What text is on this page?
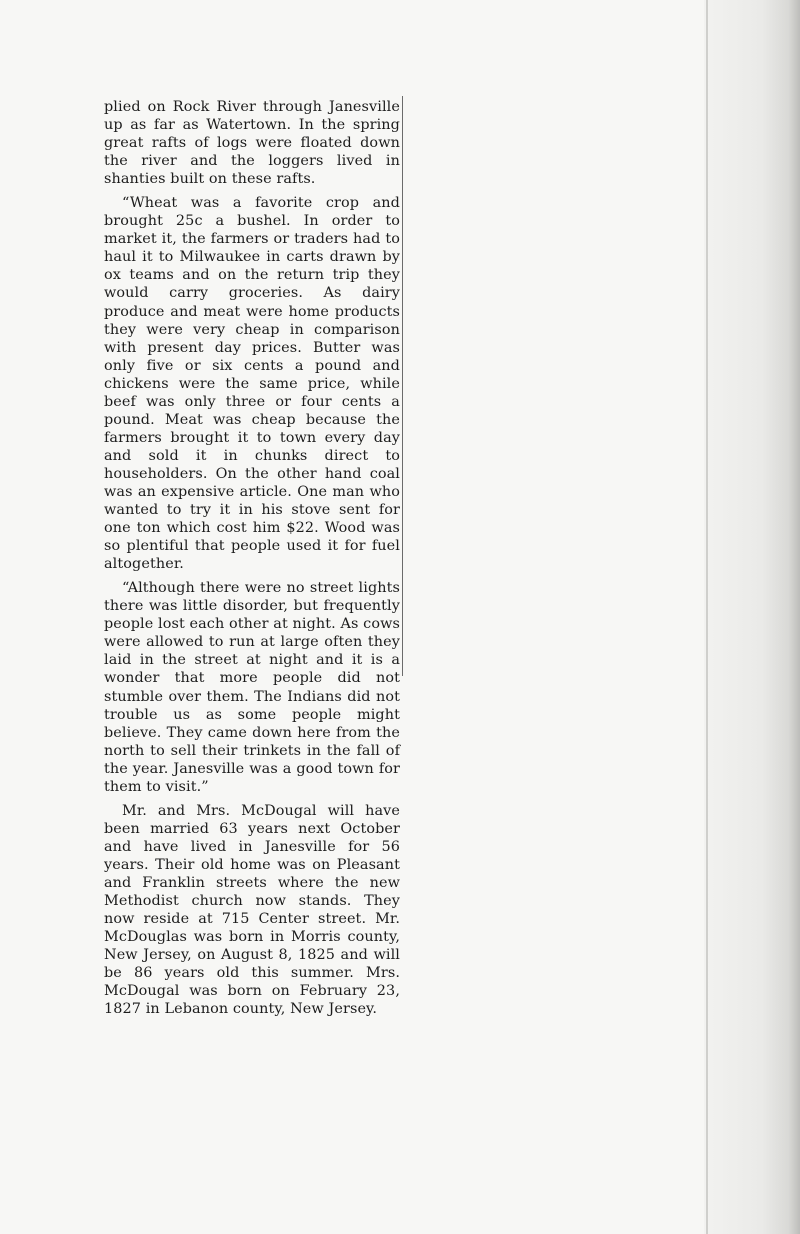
plied on Rock River through Janesville up as far as Watertown. In the spring great rafts of logs were floated down the river and the loggers lived in shanties built on these rafts.

“Wheat was a favorite crop and brought 25c a bushel. In order to market it, the farmers or traders had to haul it to Milwaukee in carts drawn by ox teams and on the return trip they would carry groceries. As dairy produce and meat were home products they were very cheap in comparison with present day prices. Butter was only five or six cents a pound and chickens were the same price, while beef was only three or four cents a pound. Meat was cheap because the farmers brought it to town every day and sold it in chunks direct to householders. On the other hand coal was an expensive article. One man who wanted to try it in his stove sent for one ton which cost him $22. Wood was so plentiful that people used it for fuel altogether.

“Although there were no street lights there was little disorder, but frequently people lost each other at night. As cows were allowed to run at large often they laid in the street at night and it is a wonder that more people did not stumble over them. The Indians did not trouble us as some people might believe. They came down here from the north to sell their trinkets in the fall of the year. Janesville was a good town for them to visit.”

Mr. and Mrs. McDougal will have been married 63 years next October and have lived in Janesville for 56 years. Their old home was on Pleasant and Franklin streets where the new Methodist church now stands. They now reside at 715 Center street. Mr. McDouglas was born in Morris county, New Jersey, on August 8, 1825 and will be 86 years old this summer. Mrs. McDougal was born on February 23, 1827 in Lebanon county, New Jersey.
